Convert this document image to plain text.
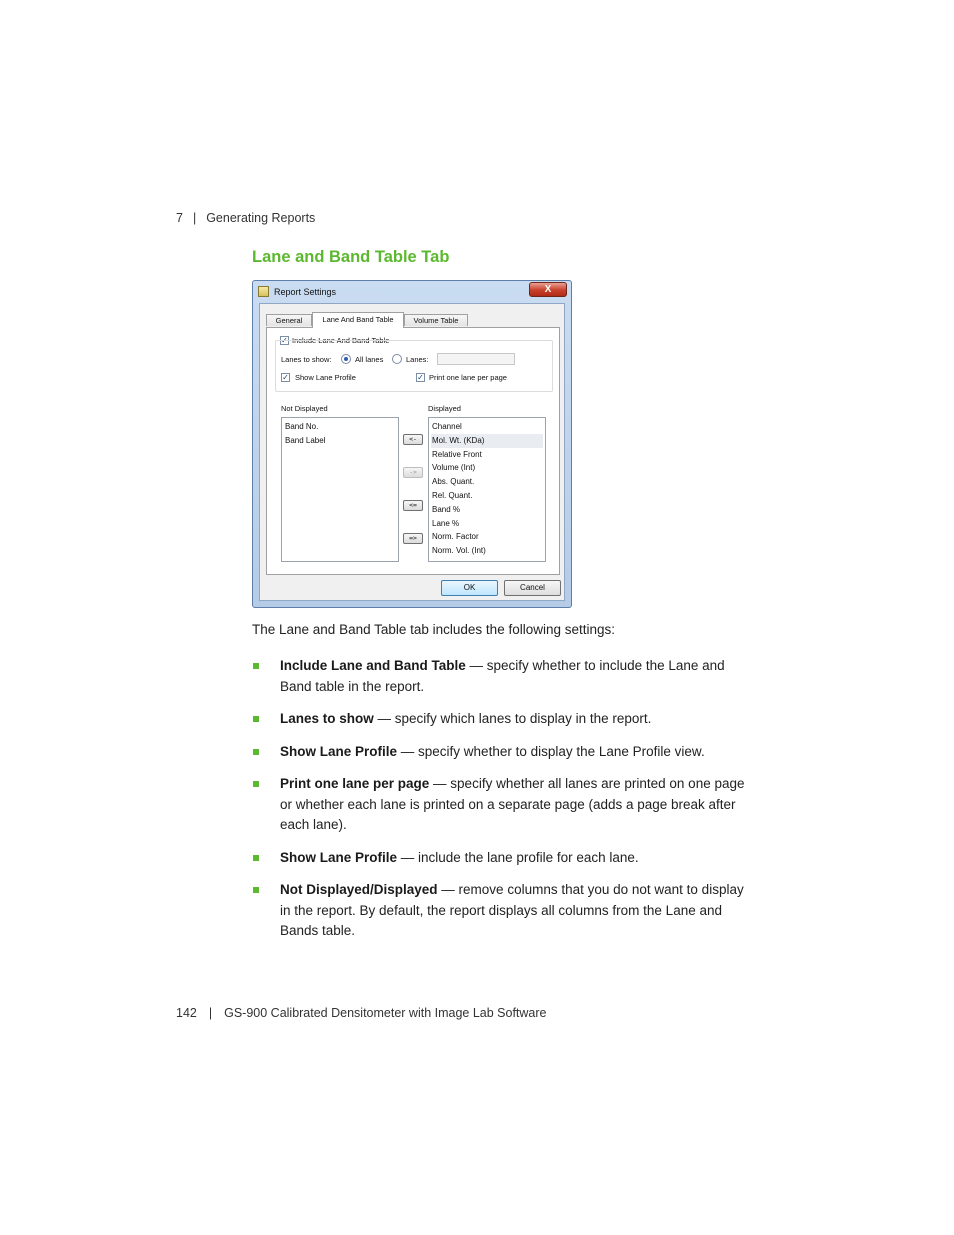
7 | Generating Reports
Lane and Band Table Tab
Report Settings	X
General	Lane And Band Table	Volume Table
✓ Include Lane And Band Table
Lanes to show:	All lanes	Lanes:
✓ Show Lane Profile	✓ Print one lane per page
Not Displayed	Displayed
Band No.
Band Label	<-
->
<=
=>
Channel
Mol. Wt. (KDa)
Relative Front
Volume (Int)
Abs. Quant.
Rel. Quant.
Band %
Lane %
Norm. Factor
Norm. Vol. (Int)
OK	Cancel
The Lane and Band Table tab includes the following settings:
Include Lane and Band Table — specify whether to include the Lane and Band table in the report.
Lanes to show — specify which lanes to display in the report.
Show Lane Profile — specify whether to display the Lane Profile view.
Print one lane per page — specify whether all lanes are printed on one page or whether each lane is printed on a separate page (adds a page break after each lane).
Show Lane Profile — include the lane profile for each lane.
Not Displayed/Displayed — remove columns that you do not want to display in the report. By default, the report displays all columns from the Lane and Bands table.
142 | GS-900 Calibrated Densitometer with Image Lab Software
